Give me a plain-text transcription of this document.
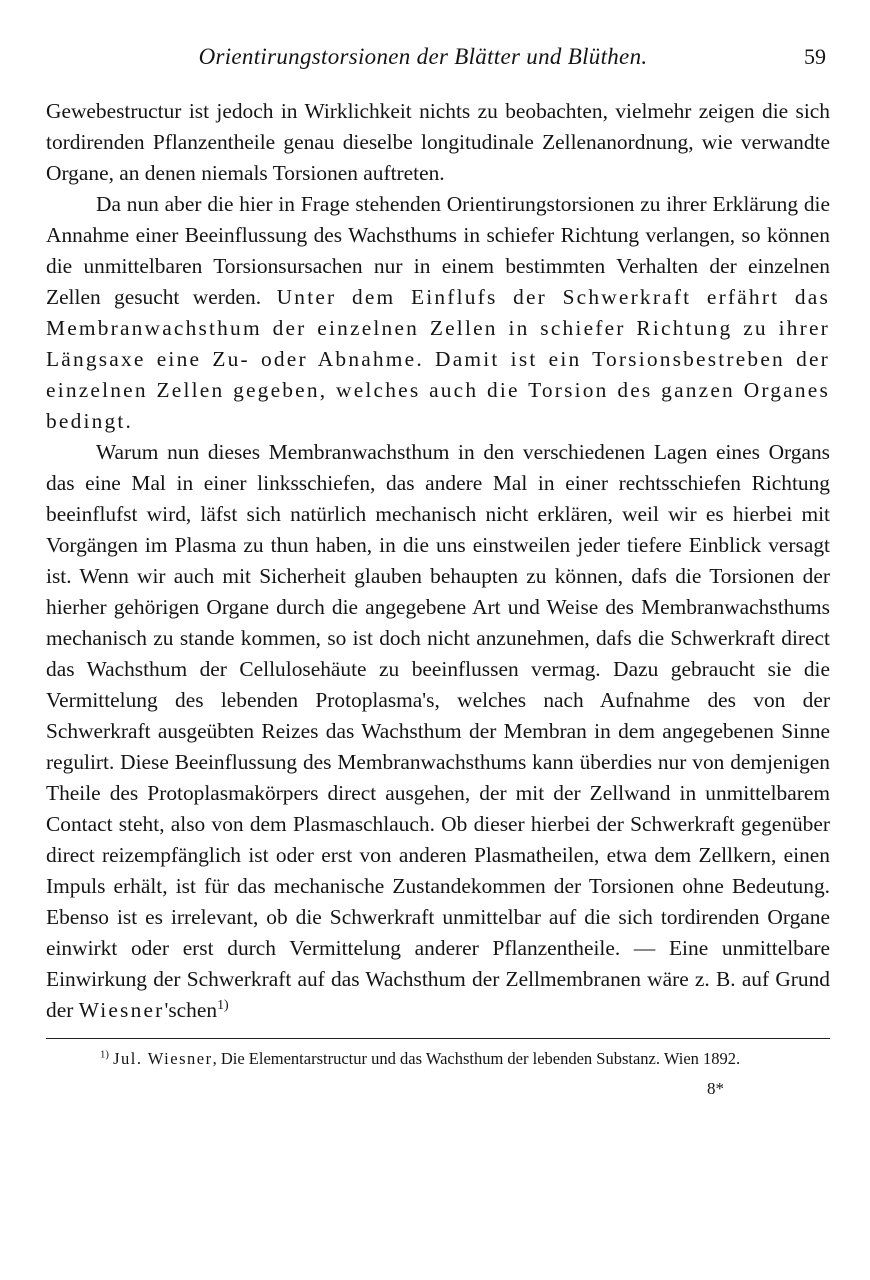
Orientirungstorsionen der Blätter und Blüthen.	59

Gewebestructur ist jedoch in Wirklichkeit nichts zu beobachten, vielmehr zeigen die sich tordirenden Pflanzentheile genau dieselbe longitudinale Zellenanordnung, wie verwandte Organe, an denen niemals Torsionen auftreten.

Da nun aber die hier in Frage stehenden Orientirungstorsionen zu ihrer Erklärung die Annahme einer Beeinflussung des Wachsthums in schiefer Richtung verlangen, so können die unmittelbaren Torsionsursachen nur in einem bestimmten Verhalten der einzelnen Zellen gesucht werden. Unter dem Einflufs der Schwerkraft erfährt das Membranwachsthum der einzelnen Zellen in schiefer Richtung zu ihrer Längsaxe eine Zu- oder Abnahme. Damit ist ein Torsionsbestreben der einzelnen Zellen gegeben, welches auch die Torsion des ganzen Organes bedingt.

Warum nun dieses Membranwachsthum in den verschiedenen Lagen eines Organs das eine Mal in einer linksschiefen, das andere Mal in einer rechtsschiefen Richtung beeinflufst wird, läfst sich natürlich mechanisch nicht erklären, weil wir es hierbei mit Vorgängen im Plasma zu thun haben, in die uns einstweilen jeder tiefere Einblick versagt ist. Wenn wir auch mit Sicherheit glauben behaupten zu können, dafs die Torsionen der hierher gehörigen Organe durch die angegebene Art und Weise des Membranwachsthums mechanisch zu stande kommen, so ist doch nicht anzunehmen, dafs die Schwerkraft direct das Wachsthum der Cellulosehäute zu beeinflussen vermag. Dazu gebraucht sie die Vermittelung des lebenden Protoplasma's, welches nach Aufnahme des von der Schwerkraft ausgeübten Reizes das Wachsthum der Membran in dem angegebenen Sinne regulirt. Diese Beeinflussung des Membranwachsthums kann überdies nur von demjenigen Theile des Protoplasmakörpers direct ausgehen, der mit der Zellwand in unmittelbarem Contact steht, also von dem Plasmaschlauch. Ob dieser hierbei der Schwerkraft gegenüber direct reizempfänglich ist oder erst von anderen Plasmatheilen, etwa dem Zellkern, einen Impuls erhält, ist für das mechanische Zustandekommen der Torsionen ohne Bedeutung. Ebenso ist es irrelevant, ob die Schwerkraft unmittelbar auf die sich tordirenden Organe einwirkt oder erst durch Vermittelung anderer Pflanzentheile. — Eine unmittelbare Einwirkung der Schwerkraft auf das Wachsthum der Zellmembranen wäre z. B. auf Grund der Wiesner'schen$^{1)}$

$^{1)}$ Jul. Wiesner, Die Elementarstructur und das Wachsthum der lebenden Substanz. Wien 1892.

8*
